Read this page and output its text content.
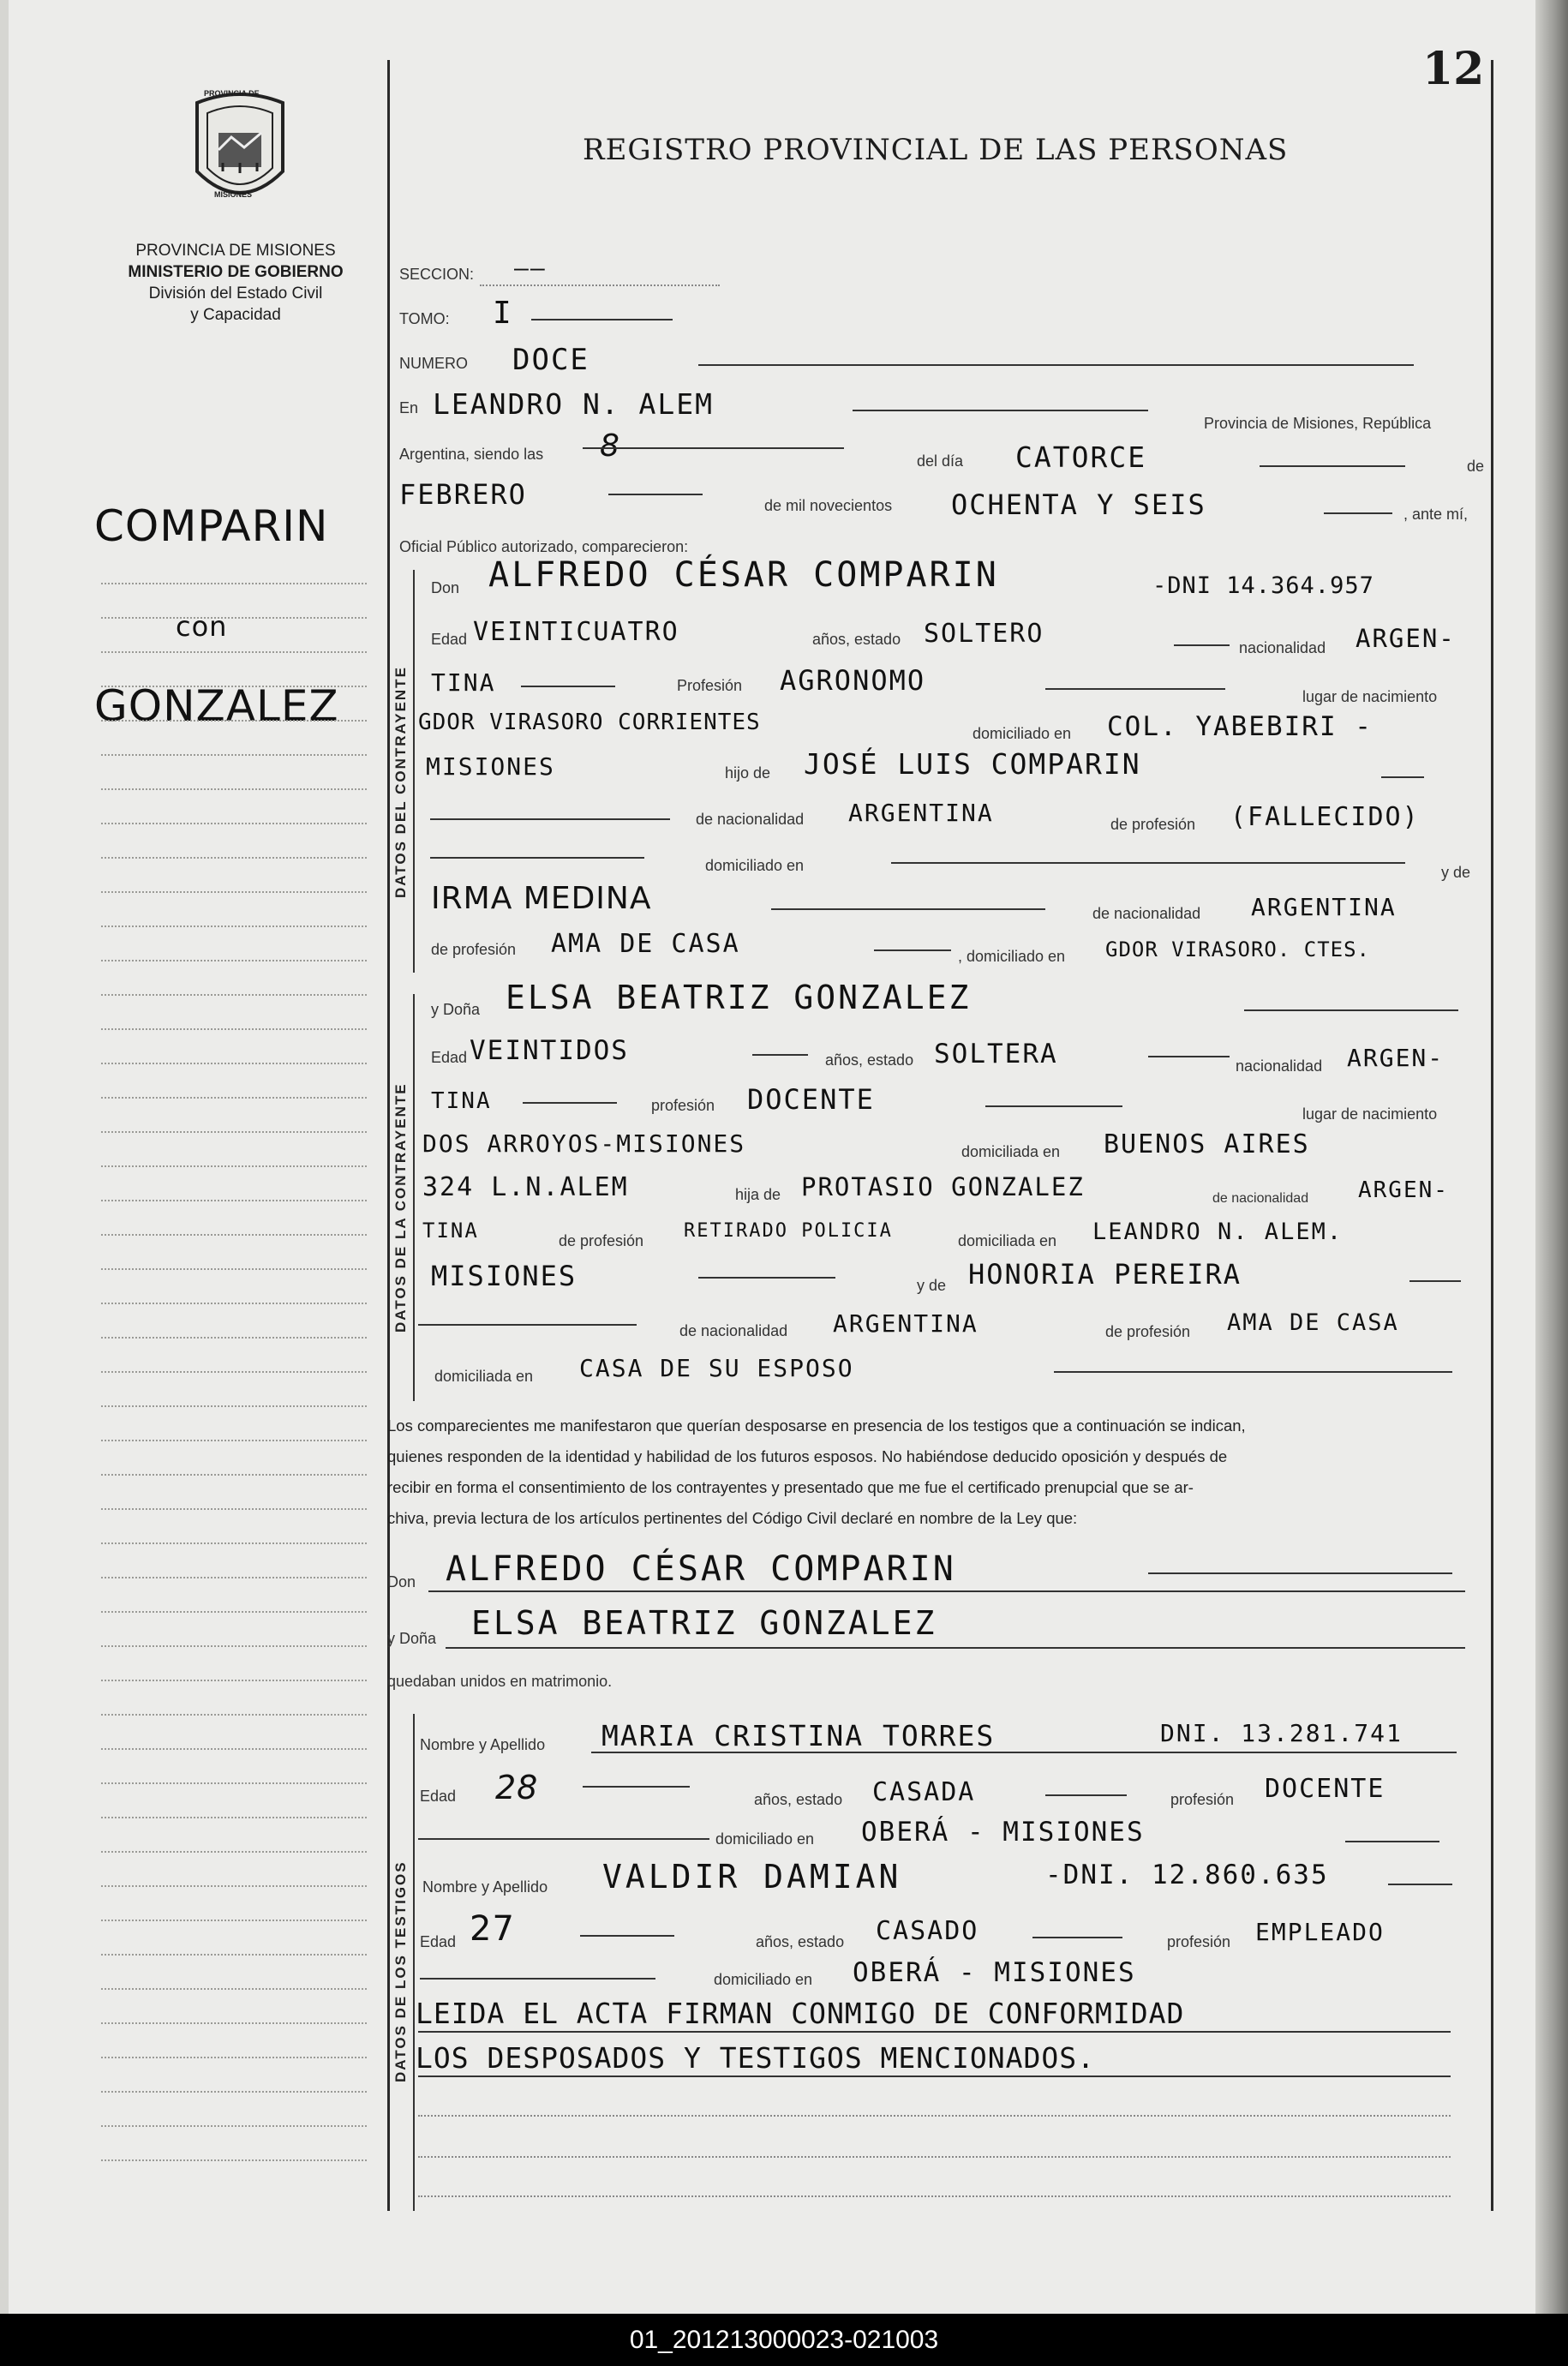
12
PROVINCIA DE
MISIONES
PROVINCIA DE MISIONES
MINISTERIO DE GOBIERNO
División del Estado Civil
y Capacidad
REGISTRO PROVINCIAL DE LAS PERSONAS
COMPARIN
con
GONZALEZ
SECCION: ——
TOMO: I
NUMERO DOCE
En LEANDRO N. ALEM
Provincia de Misiones, República
Argentina, siendo las 8	del día CATORCE	de
FEBRERO	de mil novecientos OCHENTA Y SEIS	, ante mí,
Oficial Público autorizado, comparecieron:
DATOS DEL CONTRAYENTE
Don ALFREDO CÉSAR COMPARIN	-DNI 14.364.957
Edad VEINTICUATRO	años, estado SOLTERO	nacionalidad ARGEN-
TINA	Profesión AGRONOMO	lugar de nacimiento
GDOR VIRASORO CORRIENTES	domiciliado en COL. YABEBIRI -
MISIONES	hijo de JOSÉ LUIS COMPARIN
de nacionalidad ARGENTINA	de profesión (FALLECIDO)
domiciliado en	y de
IRMA MEDINA	de nacionalidad ARGENTINA
de profesión AMA DE CASA	, domiciliado en GDOR VIRASORO. CTES.
DATOS DE LA CONTRAYENTE
y Doña ELSA BEATRIZ GONZALEZ
Edad VEINTIDOS	años, estado SOLTERA	nacionalidad ARGEN-
TINA	profesión DOCENTE	lugar de nacimiento
DOS ARROYOS-MISIONES	domiciliada en BUENOS AIRES
324 L.N.ALEM	hija de PROTASIO GONZALEZ	de nacionalidad ARGEN-
TINA	de profesión RETIRADO POLICIA	domiciliada en LEANDRO N. ALEM.
MISIONES	y de HONORIA PEREIRA
de nacionalidad ARGENTINA	de profesión AMA DE CASA
domiciliada en CASA DE SU ESPOSO
Los comparecientes me manifestaron que querían desposarse en presencia de los testigos que a continuación se indican,
quienes responden de la identidad y habilidad de los futuros esposos. No habiéndose deducido oposición y después de
recibir en forma el consentimiento de los contrayentes y presentado que me fue el certificado prenupcial que se ar-
chiva, previa lectura de los artículos pertinentes del Código Civil declaré en nombre de la Ley que:
Don ALFREDO CÉSAR COMPARIN
y Doña ELSA BEATRIZ GONZALEZ
quedaban unidos en matrimonio.
DATOS DE LOS TESTIGOS
Nombre y Apellido MARIA CRISTINA TORRES	DNI. 13.281.741
Edad 28	años, estado CASADA	profesión DOCENTE
domiciliado en OBERÁ - MISIONES
Nombre y Apellido VALDIR DAMIAN	-DNI. 12.860.635
Edad 27	años, estado CASADO	profesión EMPLEADO
domiciliado en OBERÁ - MISIONES
LEIDA EL ACTA FIRMAN CONMIGO DE CONFORMIDAD
LOS DESPOSADOS Y TESTIGOS MENCIONADOS.
01_201213000023-021003
